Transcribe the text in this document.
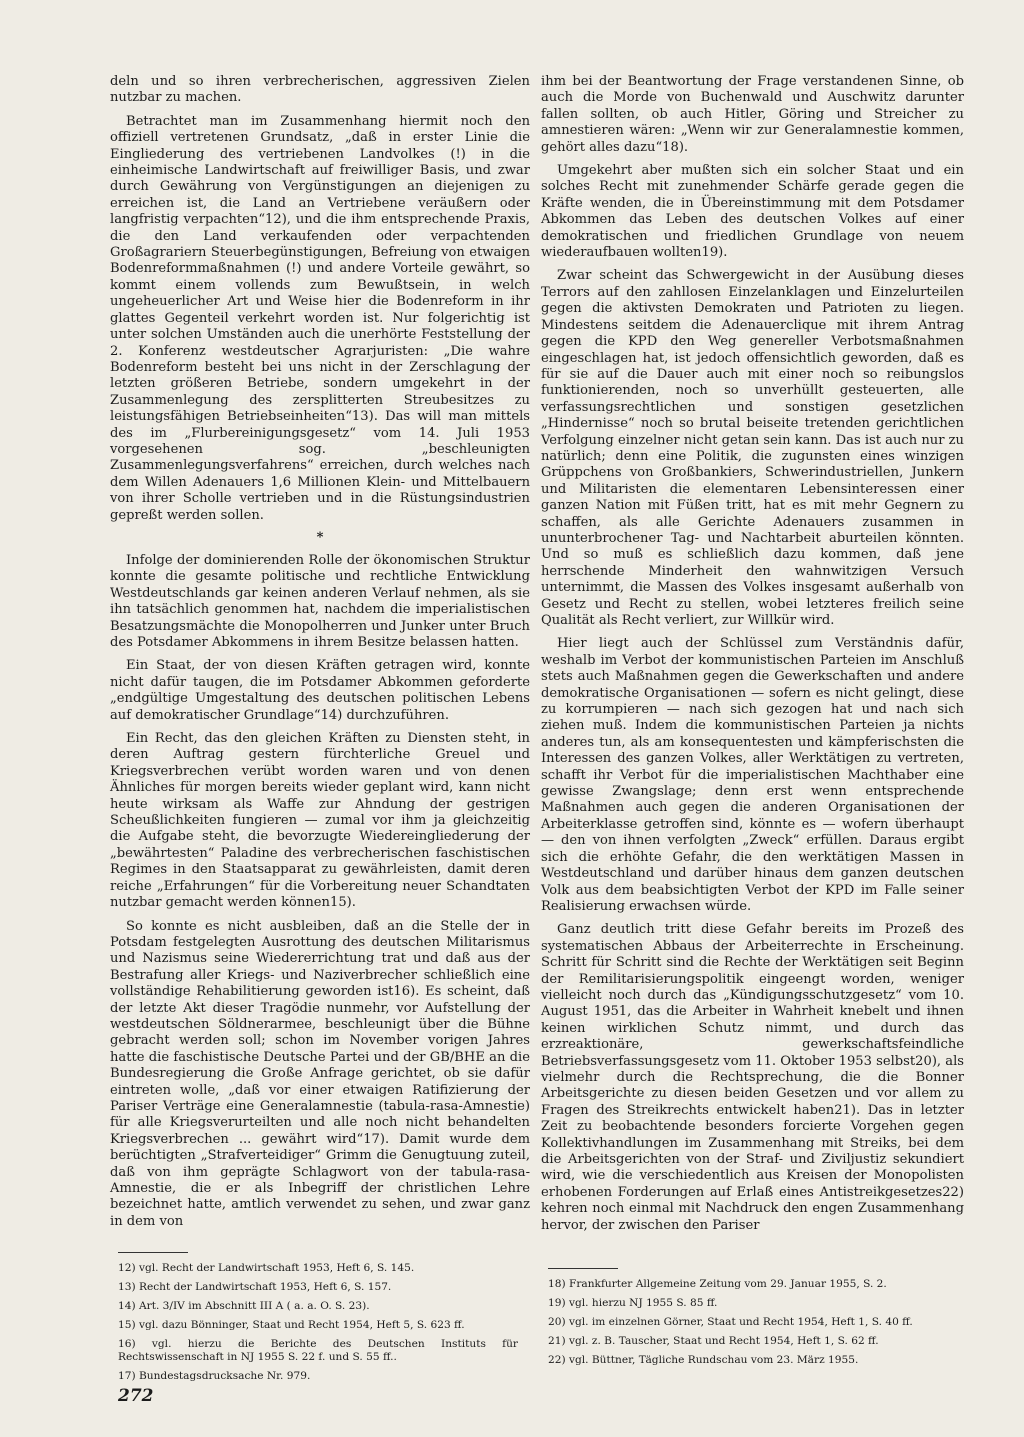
deln und so ihren verbrecherischen, aggressiven Zielen nutzbar zu machen.

Betrachtet man im Zusammenhang hiermit noch den offiziell vertretenen Grundsatz, „daß in erster Linie die Eingliederung des vertriebenen Landvolkes (!) in die einheimische Landwirtschaft auf freiwilliger Basis, und zwar durch Gewährung von Vergünstigungen an diejenigen zu erreichen ist, die Land an Vertriebene veräußern oder langfristig verpachten“12), und die ihm entsprechende Praxis, die den Land verkaufenden oder verpachtenden Großagrariern Steuerbegünstigungen, Befreiung von etwaigen Bodenreformmaßnahmen (!) und andere Vorteile gewährt, so kommt einem vollends zum Bewußtsein, in welch ungeheuerlicher Art und Weise hier die Bodenreform in ihr glattes Gegenteil verkehrt worden ist. Nur folgerichtig ist unter solchen Umständen auch die unerhörte Feststellung der 2. Konferenz westdeutscher Agrarjuristen: „Die wahre Bodenreform besteht bei uns nicht in der Zerschlagung der letzten größeren Betriebe, sondern umgekehrt in der Zusammenlegung des zersplitterten Streubesitzes zu leistungsfähigen Betriebseinheiten“13). Das will man mittels des im „Flurbereinigungsgesetz“ vom 14. Juli 1953 vorgesehenen sog. „beschleunigten Zusammenlegungsverfahrens“ erreichen, durch welches nach dem Willen Adenauers 1,6 Millionen Klein- und Mittelbauern von ihrer Scholle vertrieben und in die Rüstungsindustrien gepreßt werden sollen.

*

Infolge der dominierenden Rolle der ökonomischen Struktur konnte die gesamte politische und rechtliche Entwicklung Westdeutschlands gar keinen anderen Verlauf nehmen, als sie ihn tatsächlich genommen hat, nachdem die imperialistischen Besatzungsmächte die Monopolherren und Junker unter Bruch des Potsdamer Abkommens in ihrem Besitze belassen hatten.

Ein Staat, der von diesen Kräften getragen wird, konnte nicht dafür taugen, die im Potsdamer Abkommen geforderte „endgültige Umgestaltung des deutschen politischen Lebens auf demokratischer Grundlage“14) durchzuführen.

Ein Recht, das den gleichen Kräften zu Diensten steht, in deren Auftrag gestern fürchterliche Greuel und Kriegsverbrechen verübt worden waren und von denen Ähnliches für morgen bereits wieder geplant wird, kann nicht heute wirksam als Waffe zur Ahndung der gestrigen Scheußlichkeiten fungieren — zumal vor ihm ja gleichzeitig die Aufgabe steht, die bevorzugte Wiedereingliederung der „bewährtesten“ Paladine des verbrecherischen faschistischen Regimes in den Staatsapparat zu gewährleisten, damit deren reiche „Erfahrungen“ für die Vorbereitung neuer Schandtaten nutzbar gemacht werden können15).

So konnte es nicht ausbleiben, daß an die Stelle der in Potsdam festgelegten Ausrottung des deutschen Militarismus und Nazismus seine Wiedererrichtung trat und daß aus der Bestrafung aller Kriegs- und Naziverbrecher schließlich eine vollständige Rehabilitierung geworden ist16). Es scheint, daß der letzte Akt dieser Tragödie nunmehr, vor Aufstellung der westdeutschen Söldnerarmee, beschleunigt über die Bühne gebracht werden soll; schon im November vorigen Jahres hatte die faschistische Deutsche Partei und der GB/BHE an die Bundesregierung die Große Anfrage gerichtet, ob sie dafür eintreten wolle, „daß vor einer etwaigen Ratifizierung der Pariser Verträge eine Generalamnestie (tabula-rasa-Amnestie) für alle Kriegsverurteilten und alle noch nicht behandelten Kriegsverbrechen ... gewährt wird“17). Damit wurde dem berüchtigten „Strafverteidiger“ Grimm die Genugtuung zuteil, daß von ihm geprägte Schlagwort von der tabula-rasa-Amnestie, die er als Inbegriff der christlichen Lehre bezeichnet hatte, amtlich verwendet zu sehen, und zwar ganz in dem von

ihm bei der Beantwortung der Frage verstandenen Sinne, ob auch die Morde von Buchenwald und Auschwitz darunter fallen sollten, ob auch Hitler, Göring und Streicher zu amnestieren wären: „Wenn wir zur Generalamnestie kommen, gehört alles dazu“18).

Umgekehrt aber mußten sich ein solcher Staat und ein solches Recht mit zunehmender Schärfe gerade gegen die Kräfte wenden, die in Übereinstimmung mit dem Potsdamer Abkommen das Leben des deutschen Volkes auf einer demokratischen und friedlichen Grundlage von neuem wiederaufbauen wollten19).

Zwar scheint das Schwergewicht in der Ausübung dieses Terrors auf den zahllosen Einzelanklagen und Einzelurteilen gegen die aktivsten Demokraten und Patrioten zu liegen. Mindestens seitdem die Adenauerclique mit ihrem Antrag gegen die KPD den Weg genereller Verbotsmaßnahmen eingeschlagen hat, ist jedoch offensichtlich geworden, daß es für sie auf die Dauer auch mit einer noch so reibungslos funktionierenden, noch so unverhüllt gesteuerten, alle verfassungsrechtlichen und sonstigen gesetzlichen „Hindernisse“ noch so brutal beiseite tretenden gerichtlichen Verfolgung einzelner nicht getan sein kann. Das ist auch nur zu natürlich; denn eine Politik, die zugunsten eines winzigen Grüppchens von Großbankiers, Schwerindustriellen, Junkern und Militaristen die elementaren Lebensinteressen einer ganzen Nation mit Füßen tritt, hat es mit mehr Gegnern zu schaffen, als alle Gerichte Adenauers zusammen in ununterbrochener Tag- und Nachtarbeit aburteilen könnten. Und so muß es schließlich dazu kommen, daß jene herrschende Minderheit den wahnwitzigen Versuch unternimmt, die Massen des Volkes insgesamt außerhalb von Gesetz und Recht zu stellen, wobei letzteres freilich seine Qualität als Recht verliert, zur Willkür wird.

Hier liegt auch der Schlüssel zum Verständnis dafür, weshalb im Verbot der kommunistischen Parteien im Anschluß stets auch Maßnahmen gegen die Gewerkschaften und andere demokratische Organisationen — sofern es nicht gelingt, diese zu korrumpieren — nach sich gezogen hat und nach sich ziehen muß. Indem die kommunistischen Parteien ja nichts anderes tun, als am konsequentesten und kämpferischsten die Interessen des ganzen Volkes, aller Werktätigen zu vertreten, schafft ihr Verbot für die imperialistischen Machthaber eine gewisse Zwangslage; denn erst wenn entsprechende Maßnahmen auch gegen die anderen Organisationen der Arbeiterklasse getroffen sind, könnte es — wofern überhaupt — den von ihnen verfolgten „Zweck“ erfüllen. Daraus ergibt sich die erhöhte Gefahr, die den werktätigen Massen in Westdeutschland und darüber hinaus dem ganzen deutschen Volk aus dem beabsichtigten Verbot der KPD im Falle seiner Realisierung erwachsen würde.

Ganz deutlich tritt diese Gefahr bereits im Prozeß des systematischen Abbaus der Arbeiterrechte in Erscheinung. Schritt für Schritt sind die Rechte der Werktätigen seit Beginn der Remilitarisierungspolitik eingeengt worden, weniger vielleicht noch durch das „Kündigungsschutzgesetz“ vom 10. August 1951, das die Arbeiter in Wahrheit knebelt und ihnen keinen wirklichen Schutz nimmt, und durch das erzreaktionäre, gewerkschaftsfeindliche Betriebsverfassungsgesetz vom 11. Oktober 1953 selbst20), als vielmehr durch die Rechtsprechung, die die Bonner Arbeitsgerichte zu diesen beiden Gesetzen und vor allem zu Fragen des Streikrechts entwickelt haben21). Das in letzter Zeit zu beobachtende besonders forcierte Vorgehen gegen Kollektivhandlungen im Zusammenhang mit Streiks, bei dem die Arbeitsgerichten von der Straf- und Ziviljustiz sekundiert wird, wie die verschiedentlich aus Kreisen der Monopolisten erhobenen Forderungen auf Erlaß eines Antistreikgesetzes22) kehren noch einmal mit Nachdruck den engen Zusammenhang hervor, der zwischen den Pariser

12) vgl. Recht der Landwirtschaft 1953, Heft 6, S. 145.

13) Recht der Landwirtschaft 1953, Heft 6, S. 157.

14) Art. 3/IV im Abschnitt III A ( a. a. O. S. 23).

15) vgl. dazu Bönninger, Staat und Recht 1954, Heft 5, S. 623 ff.

16) vgl. hierzu die Berichte des Deutschen Instituts für Rechtswissenschaft in NJ 1955 S. 22 f. und S. 55 ff..

17) Bundestagsdrucksache Nr. 979.

18) Frankfurter Allgemeine Zeitung vom 29. Januar 1955, S. 2.

19) vgl. hierzu NJ 1955 S. 85 ff.

20) vgl. im einzelnen Görner, Staat und Recht 1954, Heft 1, S. 40 ff.

21) vgl. z. B. Tauscher, Staat und Recht 1954, Heft 1, S. 62 ff.

22) vgl. Büttner, Tägliche Rundschau vom 23. März 1955.

272
